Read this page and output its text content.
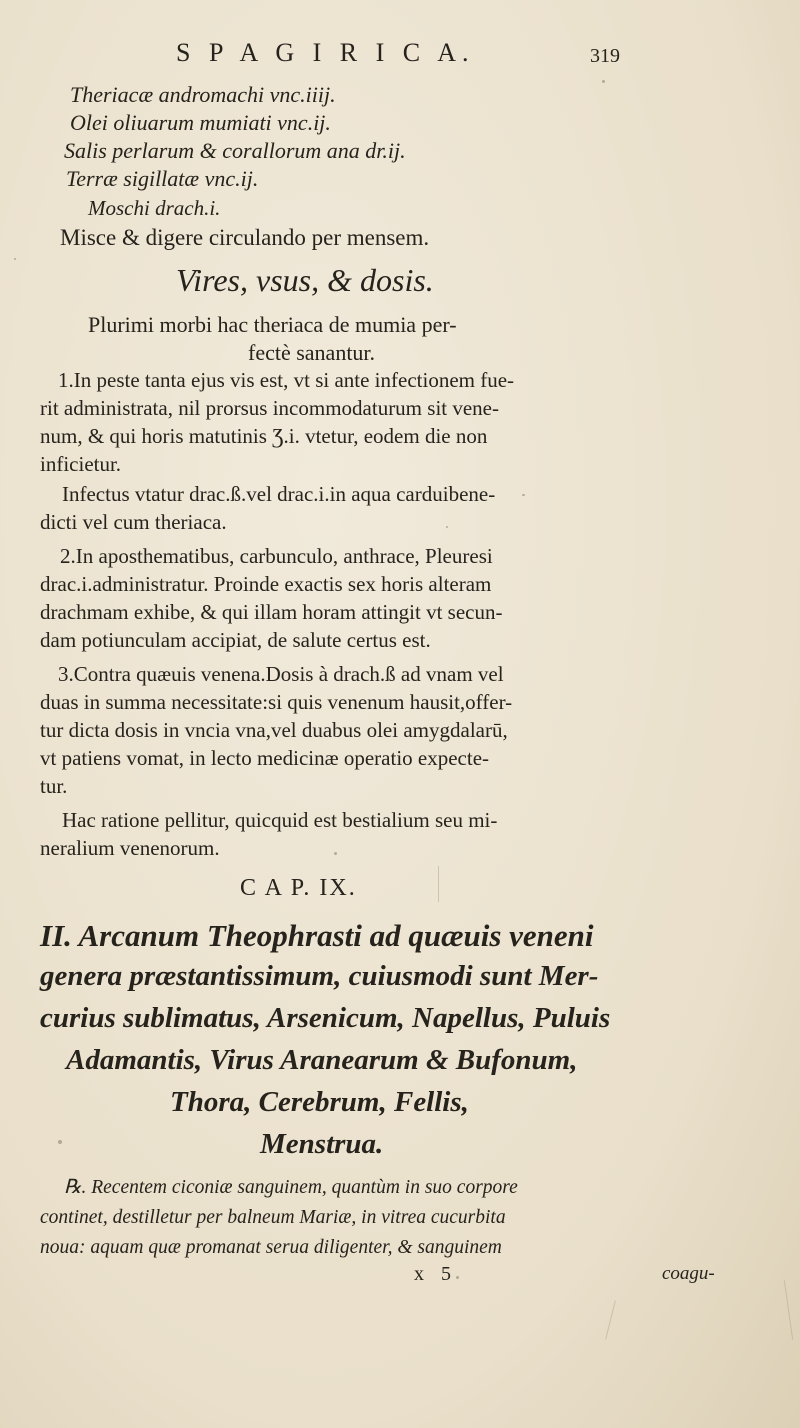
S P A G I R I C A.	319
Theriacæ andromachi vnc.iiij.
Olei oliuarum mumiati vnc.ij.
Salis perlarum & corallorum ana dr.ij.
Terræ sigillatæ vnc.ij.
Moschi drach.i.
Misce & digere circulando per mensem.
Vires, vsus, & dosis.
Plurimi morbi hac theriaca de mumia per-
fectè sanantur.
1.In peste tanta ejus vis est, vt si ante infectionem fue-
rit administrata, nil prorsus incommodaturum sit vene-
num, & qui horis matutinis Ʒ.i. vtetur, eodem die non
inficietur.
Infectus vtatur drac.ß.vel drac.i.in aqua carduibene-
dicti vel cum theriaca.
2.In aposthematibus, carbunculo, anthrace, Pleuresi
drac.i.administratur. Proinde exactis sex horis alteram
drachmam exhibe, & qui illam horam attingit vt secun-
dam potiunculam accipiat, de salute certus est.
3.Contra quæuis venena.Dosis à drach.ß ad vnam vel
duas in summa necessitate:si quis venenum hausit,offer-
tur dicta dosis in vncia vna,vel duabus olei amygdalarū,
vt patiens vomat, in lecto medicinæ operatio expecte-
tur.
Hac ratione pellitur, quicquid est bestialium seu mi-
neralium venenorum.
C A P. IX.
II. Arcanum Theophrasti ad quæuis veneni
genera præstantissimum, cuiusmodi sunt Mer-
curius sublimatus, Arsenicum, Napellus, Puluis
Adamantis, Virus Aranearum & Bufonum,
Thora, Cerebrum, Fellis,
Menstrua.
℞. Recentem ciconiæ sanguinem, quantùm in suo corpore
continet, destilletur per balneum Mariæ, in vitrea cucurbita
noua: aquam quæ promanat serua diligenter, & sanguinem
x 5	coagu-
